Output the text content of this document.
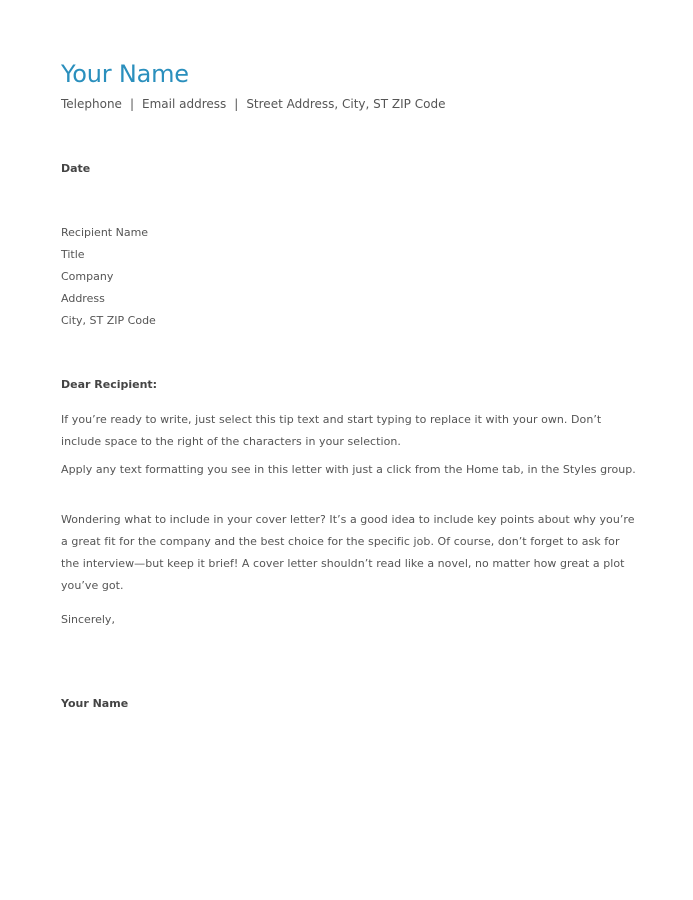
Your Name
Telephone | Email address | Street Address, City, ST ZIP Code
Date
Recipient Name
Title
Company
Address
City, ST ZIP Code
Dear Recipient:

If you’re ready to write, just select this tip text and start typing to replace it with your own. Don’t include space to the right of the characters in your selection.

Apply any text formatting you see in this letter with just a click from the Home tab, in the Styles group.

Wondering what to include in your cover letter? It’s a good idea to include key points about why you’re a great fit for the company and the best choice for the specific job. Of course, don’t forget to ask for the interview—but keep it brief! A cover letter shouldn’t read like a novel, no matter how great a plot you’ve got.

Sincerely,
Your Name
